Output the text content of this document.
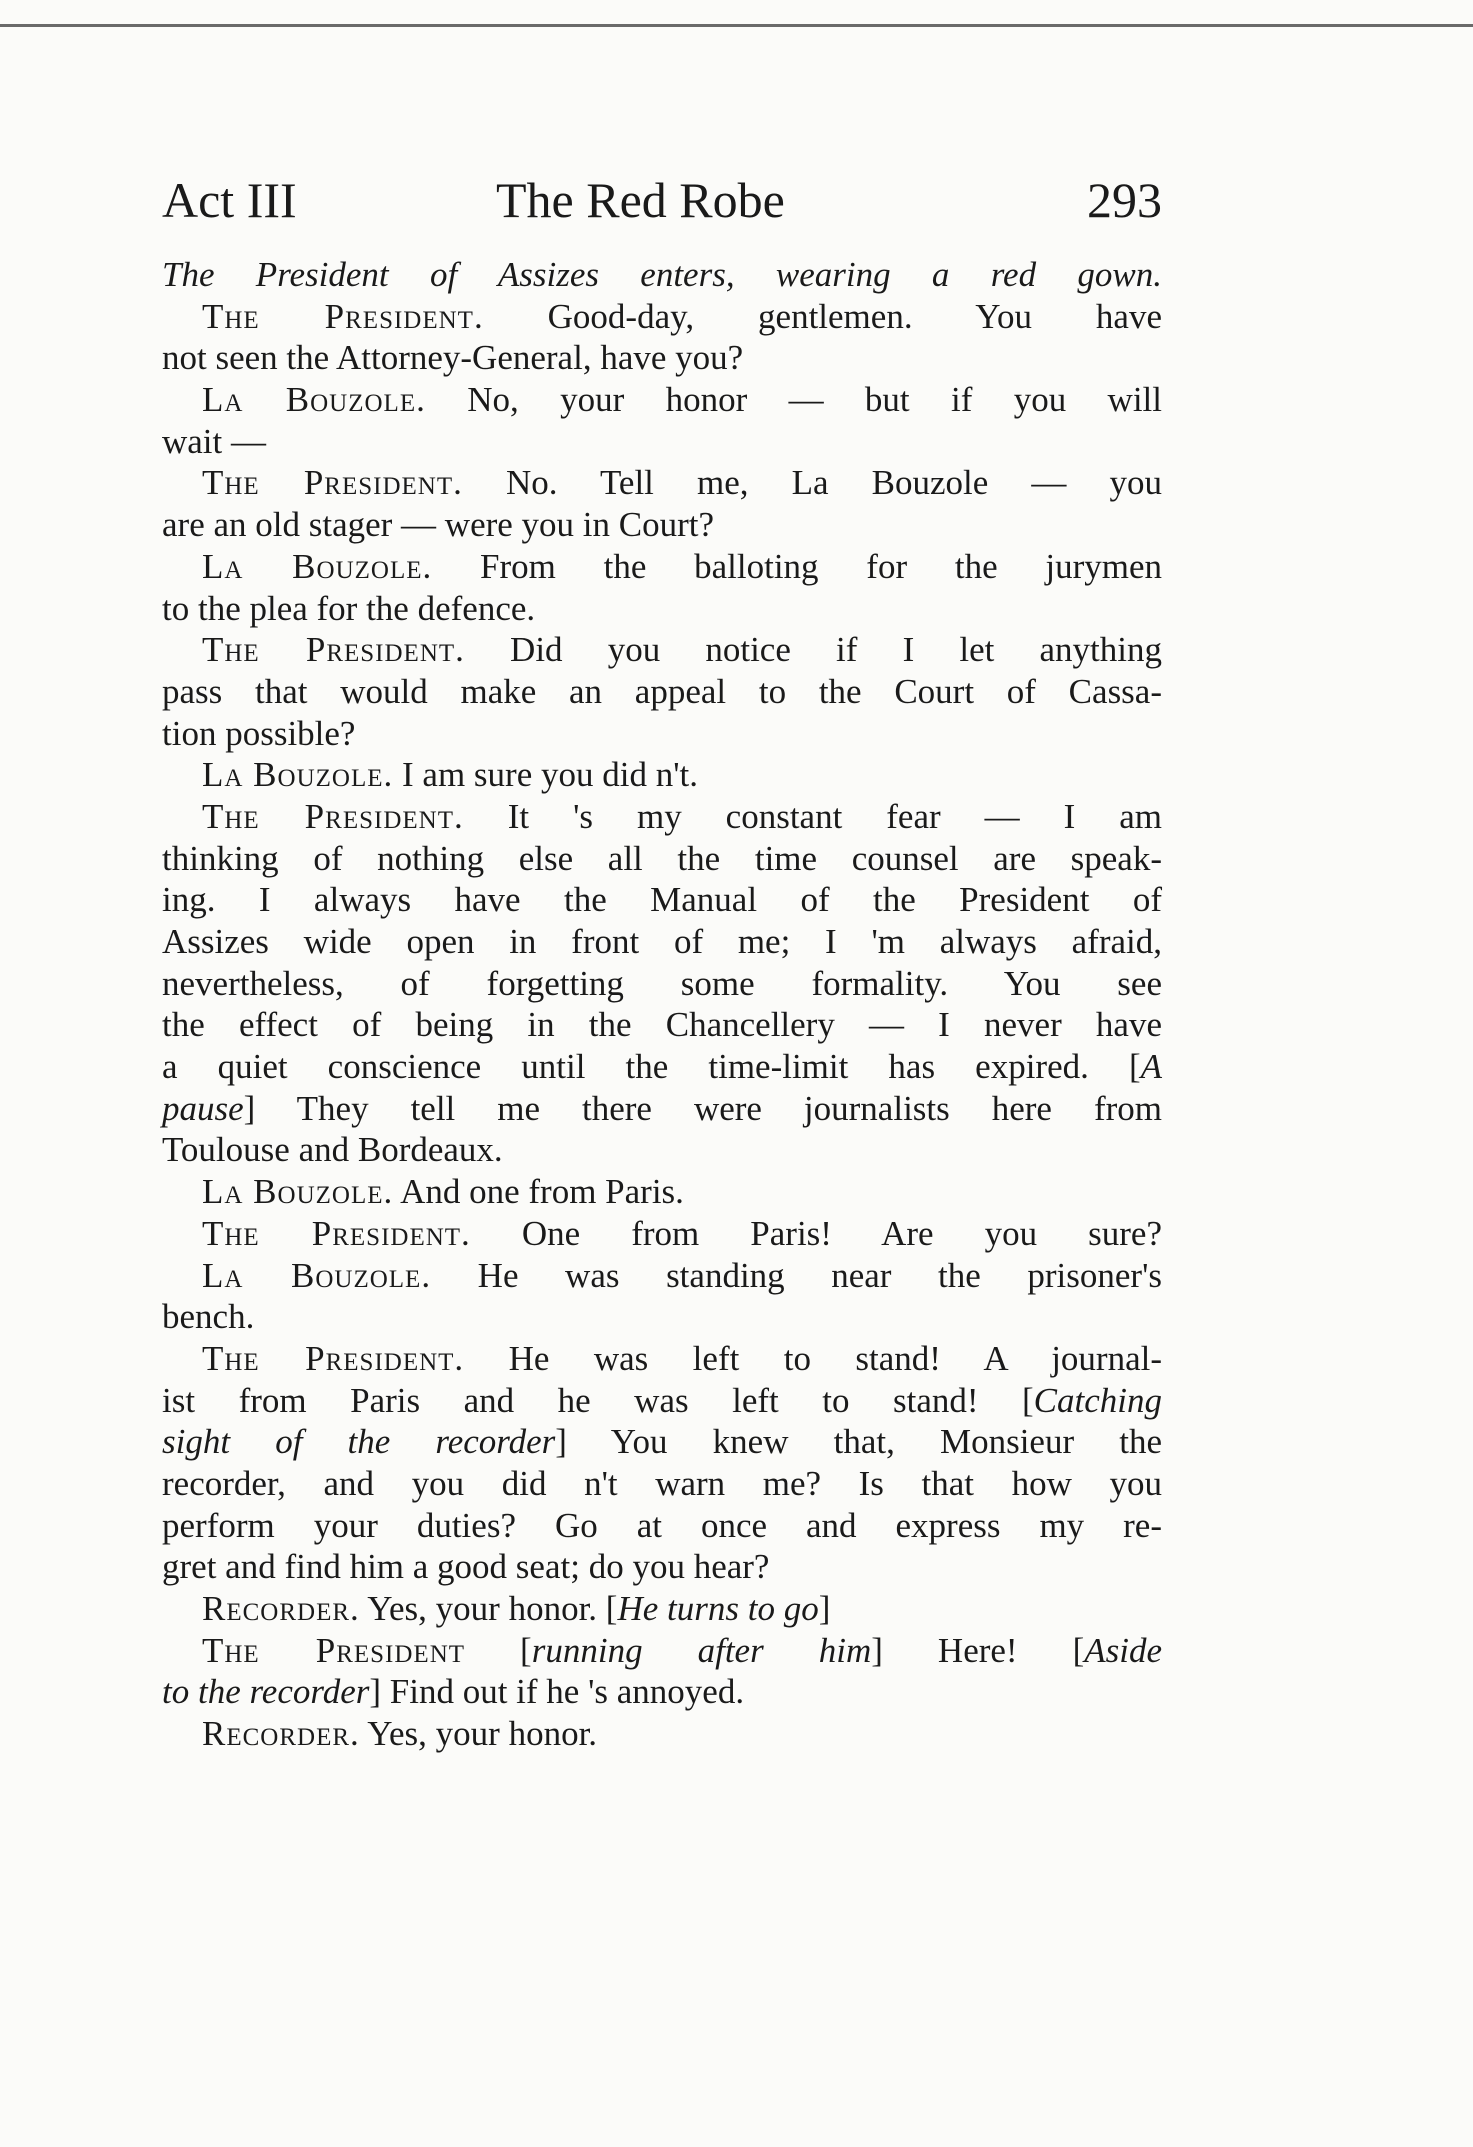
Act III	The Red Robe	293
The President of Assizes enters, wearing a red gown.
The President. Good-day, gentlemen. You have
not seen the Attorney-General, have you?
La Bouzole. No, your honor — but if you will
wait —
The President. No. Tell me, La Bouzole — you
are an old stager — were you in Court?
La Bouzole. From the balloting for the jurymen
to the plea for the defence.
The President. Did you notice if I let anything
pass that would make an appeal to the Court of Cassa-
tion possible?
La Bouzole. I am sure you did n't.
The President. It 's my constant fear — I am
thinking of nothing else all the time counsel are speak-
ing. I always have the Manual of the President of
Assizes wide open in front of me; I 'm always afraid,
nevertheless, of forgetting some formality. You see
the effect of being in the Chancellery — I never have
a quiet conscience until the time-limit has expired. [A
pause] They tell me there were journalists here from
Toulouse and Bordeaux.
La Bouzole. And one from Paris.
The President. One from Paris! Are you sure?
La Bouzole. He was standing near the prisoner's
bench.
The President. He was left to stand! A journal-
ist from Paris and he was left to stand! [Catching
sight of the recorder] You knew that, Monsieur the
recorder, and you did n't warn me? Is that how you
perform your duties? Go at once and express my re-
gret and find him a good seat; do you hear?
Recorder. Yes, your honor. [He turns to go]
The President [running after him] Here! [Aside
to the recorder] Find out if he 's annoyed.
Recorder. Yes, your honor.
